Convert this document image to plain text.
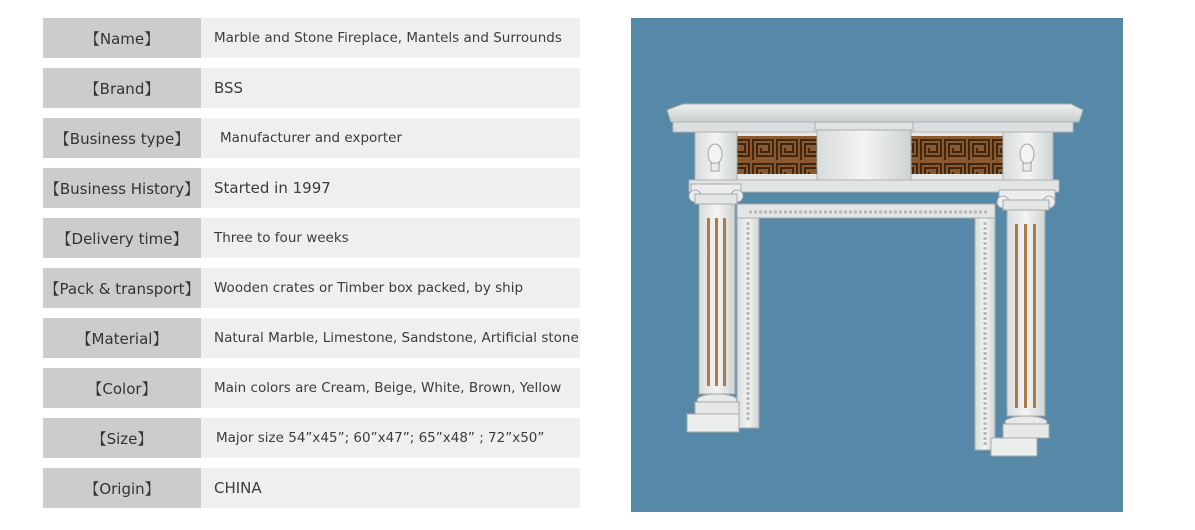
【Name】	Marble and Stone Fireplace, Mantels and Surrounds
【Brand】	BSS
【Business type】	Manufacturer and exporter
【Business History】 Started in 1997
【Delivery time】	Three to four weeks
【Pack & transport】	Wooden crates or Timber box packed, by ship
【Material】	Natural Marble, Limestone, Sandstone, Artificial stone
【Color】	Main colors are Cream, Beige, White, Brown, Yellow
【Size】	Major size 54”x45”; 60”x47”; 65”x48” ; 72”x50”
【Origin】	CHINA
